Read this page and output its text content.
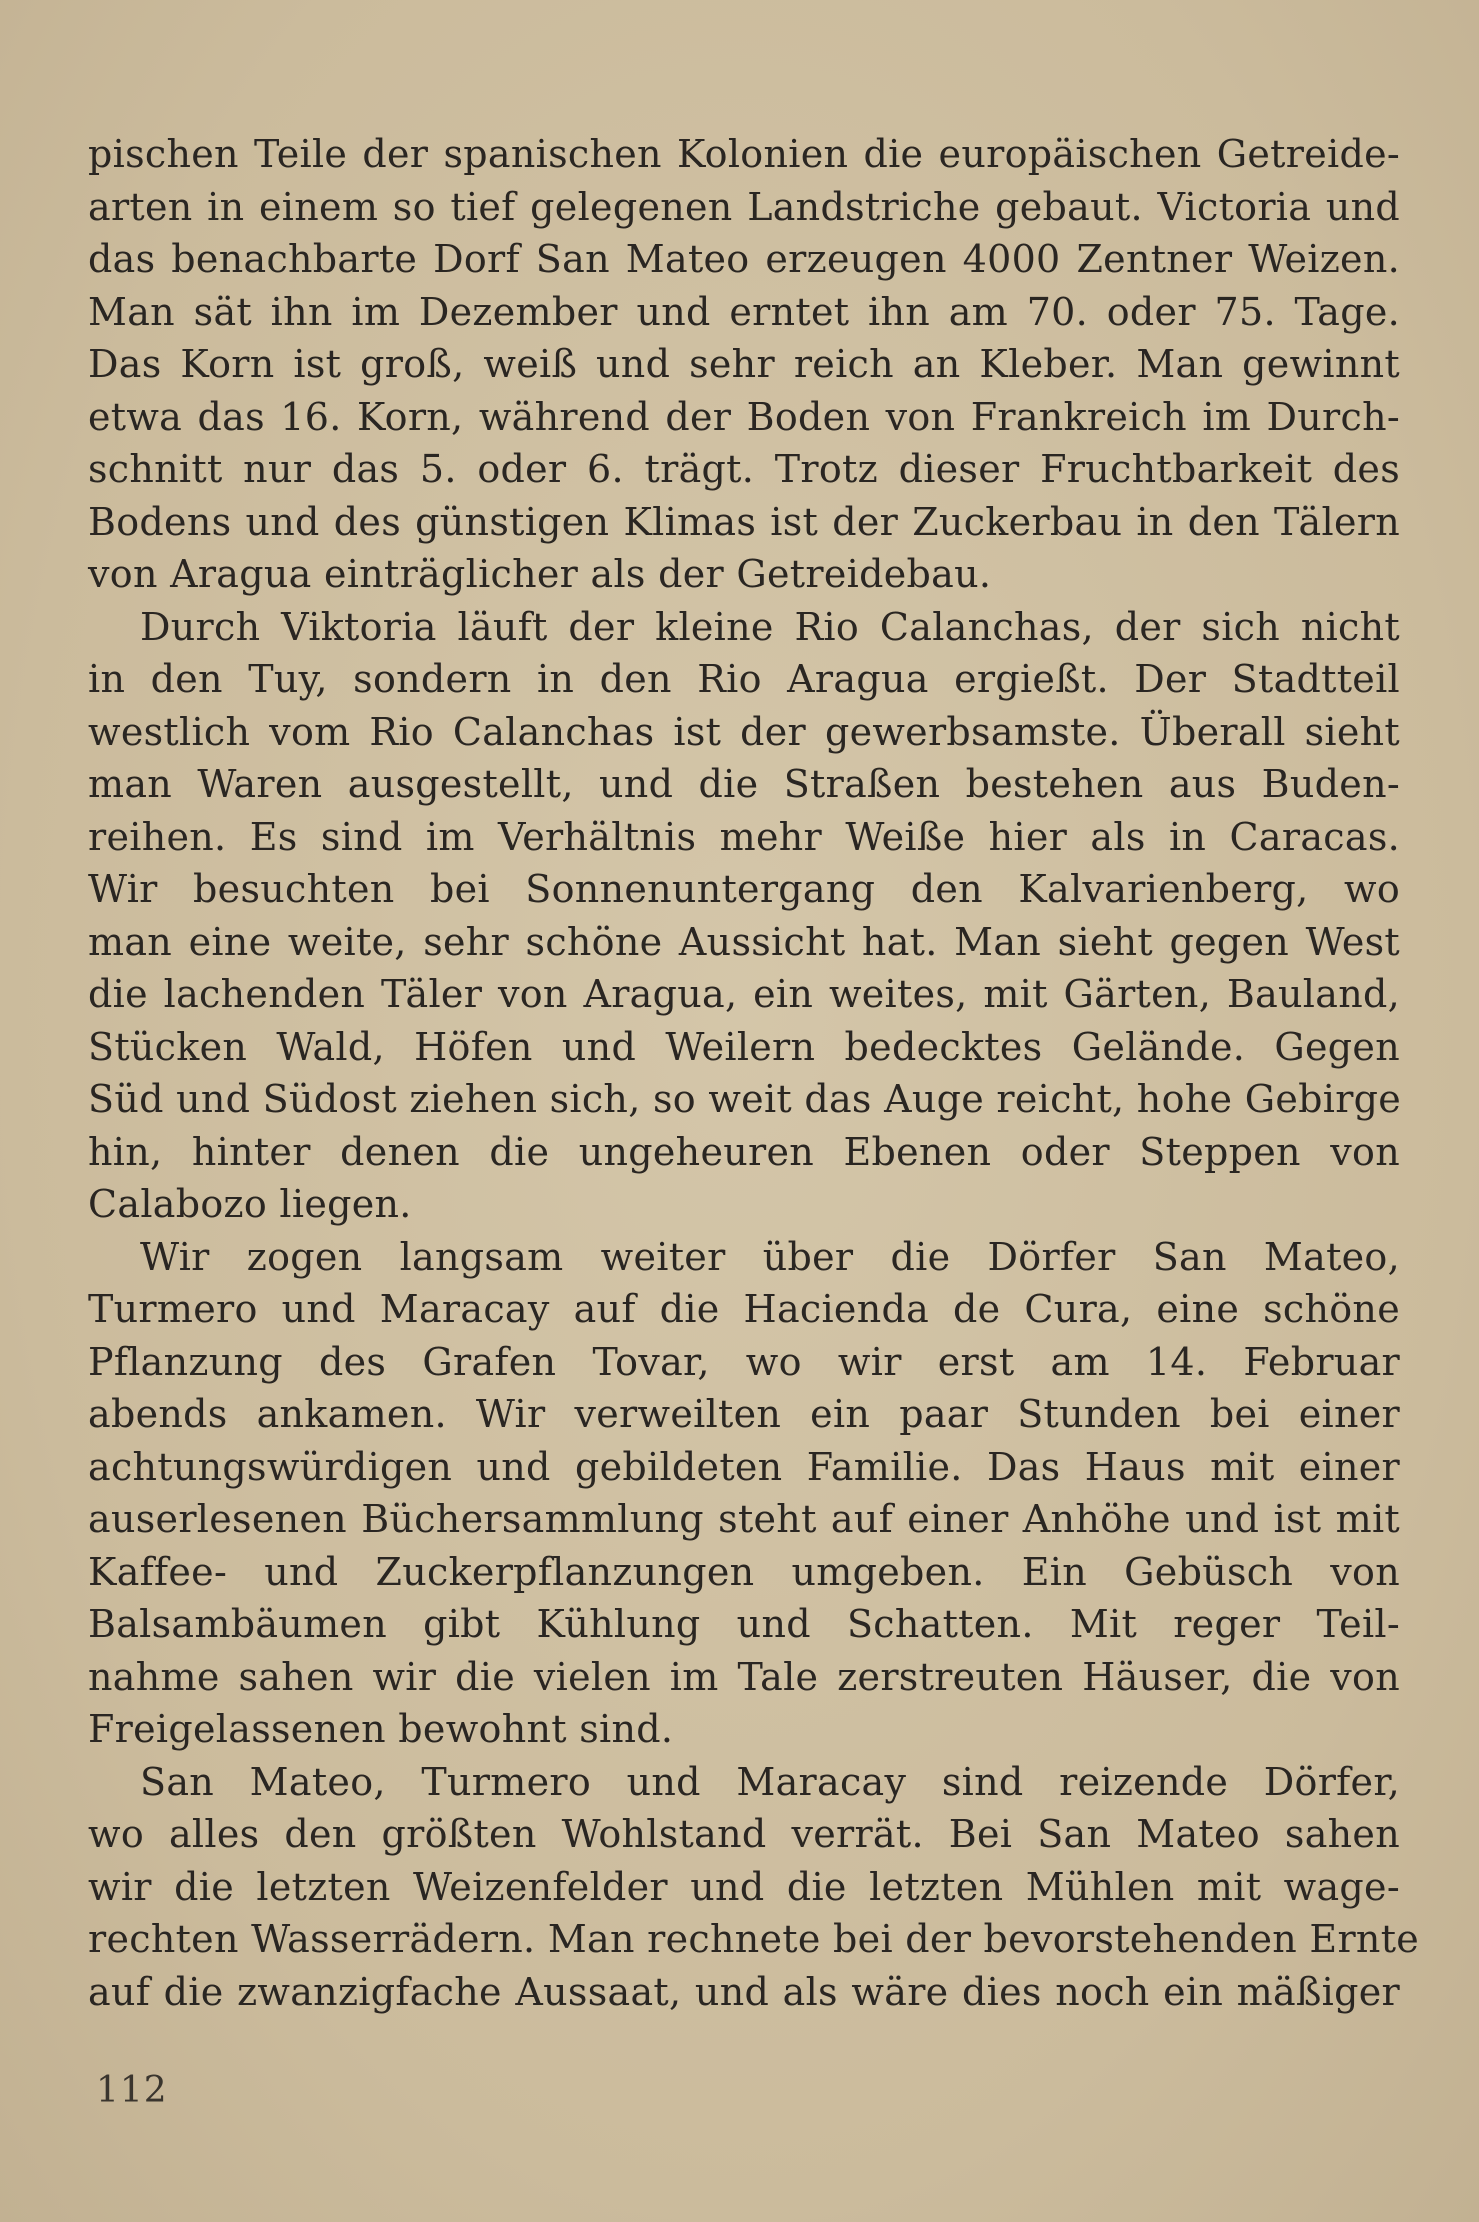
pischen Teile der spanischen Kolonien die europäischen Getreide-
arten in einem so tief gelegenen Landstriche gebaut. Victoria und
das benachbarte Dorf San Mateo erzeugen 4000 Zentner Weizen.
Man sät ihn im Dezember und erntet ihn am 70. oder 75. Tage.
Das Korn ist groß, weiß und sehr reich an Kleber. Man gewinnt
etwa das 16. Korn, während der Boden von Frankreich im Durch-
schnitt nur das 5. oder 6. trägt. Trotz dieser Fruchtbarkeit des
Bodens und des günstigen Klimas ist der Zuckerbau in den Tälern
von Aragua einträglicher als der Getreidebau.
Durch Viktoria läuft der kleine Rio Calanchas, der sich nicht
in den Tuy, sondern in den Rio Aragua ergießt. Der Stadtteil
westlich vom Rio Calanchas ist der gewerbsamste. Überall sieht
man Waren ausgestellt, und die Straßen bestehen aus Buden-
reihen. Es sind im Verhältnis mehr Weiße hier als in Caracas.
Wir besuchten bei Sonnenuntergang den Kalvarienberg, wo
man eine weite, sehr schöne Aussicht hat. Man sieht gegen West
die lachenden Täler von Aragua, ein weites, mit Gärten, Bauland,
Stücken Wald, Höfen und Weilern bedecktes Gelände. Gegen
Süd und Südost ziehen sich, so weit das Auge reicht, hohe Gebirge
hin, hinter denen die ungeheuren Ebenen oder Steppen von
Calabozo liegen.
Wir zogen langsam weiter über die Dörfer San Mateo,
Turmero und Maracay auf die Hacienda de Cura, eine schöne
Pflanzung des Grafen Tovar, wo wir erst am 14. Februar
abends ankamen. Wir verweilten ein paar Stunden bei einer
achtungswürdigen und gebildeten Familie. Das Haus mit einer
auserlesenen Büchersammlung steht auf einer Anhöhe und ist mit
Kaffee- und Zuckerpflanzungen umgeben. Ein Gebüsch von
Balsambäumen gibt Kühlung und Schatten. Mit reger Teil-
nahme sahen wir die vielen im Tale zerstreuten Häuser, die von
Freigelassenen bewohnt sind.
San Mateo, Turmero und Maracay sind reizende Dörfer,
wo alles den größten Wohlstand verrät. Bei San Mateo sahen
wir die letzten Weizenfelder und die letzten Mühlen mit wage-
rechten Wasserrädern. Man rechnete bei der bevorstehenden Ernte
auf die zwanzigfache Aussaat, und als wäre dies noch ein mäßiger
112
